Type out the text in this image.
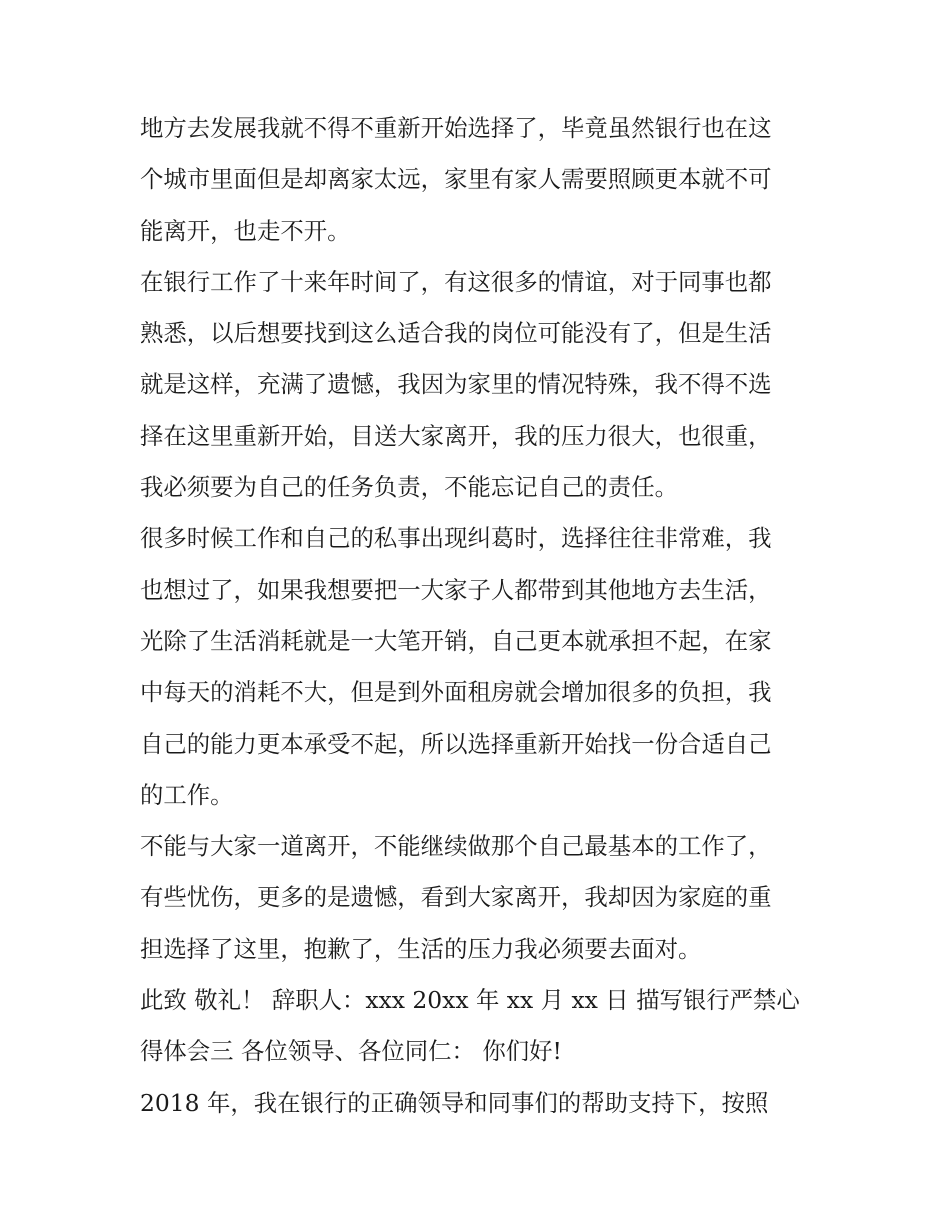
地方去发展我就不得不重新开始选择了，毕竟虽然银行也在这
个城市里面但是却离家太远，家里有家人需要照顾更本就不可
能离开，也走不开。

在银行工作了十来年时间了，有这很多的情谊，对于同事也都
熟悉，以后想要找到这么适合我的岗位可能没有了，但是生活
就是这样，充满了遗憾，我因为家里的情况特殊，我不得不选
择在这里重新开始，目送大家离开，我的压力很大，也很重，
我必须要为自己的任务负责，不能忘记自己的责任。

很多时候工作和自己的私事出现纠葛时，选择往往非常难，我
也想过了，如果我想要把一大家子人都带到其他地方去生活，
光除了生活消耗就是一大笔开销，自己更本就承担不起，在家
中每天的消耗不大，但是到外面租房就会增加很多的负担，我
自己的能力更本承受不起，所以选择重新开始找一份合适自己
的工作。

不能与大家一道离开，不能继续做那个自己最基本的工作了，
有些忧伤，更多的是遗憾，看到大家离开，我却因为家庭的重
担选择了这里，抱歉了，生活的压力我必须要去面对。

此致 敬礼！ 辞职人：xxx 20xx 年 xx 月 xx 日 描写银行严禁心
得体会三 各位领导、各位同仁： 你们好!

2018 年，我在银行的正确领导和同事们的帮助支持下，按照
